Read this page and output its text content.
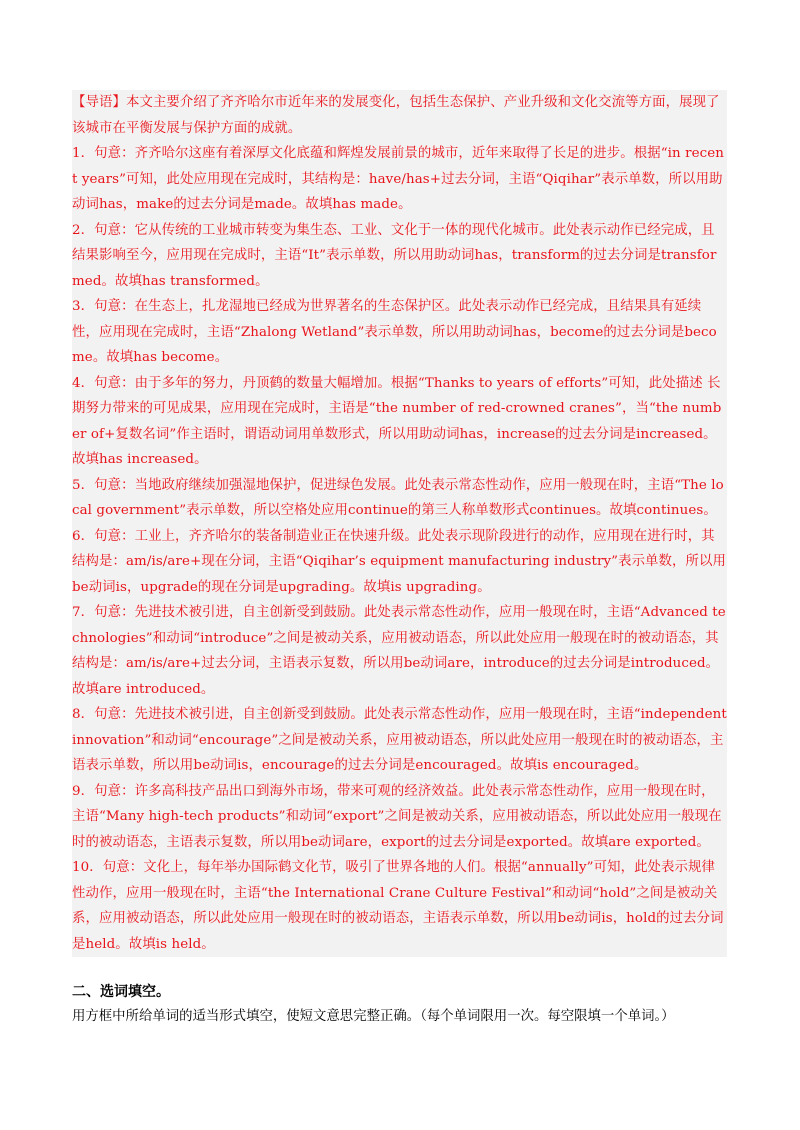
【导语】本文主要介绍了齐齐哈尔市近年来的发展变化，包括生态保护、产业升级和文化交流等方面，展现了该城市在平衡发展与保护方面的成就。

1．句意：齐齐哈尔这座有着深厚文化底蕴和辉煌发展前景的城市，近年来取得了长足的进步。根据“in recent years”可知，此处应用现在完成时，其结构是：have/has+过去分词，主语“Qiqihar”表示单数，所以用助动词has，make的过去分词是made。故填has made。

2．句意：它从传统的工业城市转变为集生态、工业、文化于一体的现代化城市。此处表示动作已经完成，且结果影响至今，应用现在完成时，主语“It”表示单数，所以用助动词has，transform的过去分词是transformed。故填has transformed。

3．句意：在生态上，扎龙湿地已经成为世界著名的生态保护区。此处表示动作已经完成，且结果具有延续性，应用现在完成时，主语“Zhalong Wetland”表示单数，所以用助动词has，become的过去分词是become。故填has become。

4．句意：由于多年的努力，丹顶鹤的数量大幅增加。根据“Thanks to years of efforts”可知，此处描述 长期努力带来的可见成果，应用现在完成时，主语是“the number of red-crowned cranes”，当“the number of+复数名词”作主语时，谓语动词用单数形式，所以用助动词has，increase的过去分词是increased。故填has increased。

5．句意：当地政府继续加强湿地保护，促进绿色发展。此处表示常态性动作，应用一般现在时，主语“The local government”表示单数，所以空格处应用continue的第三人称单数形式continues。故填continues。

6．句意：工业上，齐齐哈尔的装备制造业正在快速升级。此处表示现阶段进行的动作，应用现在进行时，其结构是：am/is/are+现在分词，主语“Qiqihar’s equipment manufacturing industry”表示单数，所以用be动词is，upgrade的现在分词是upgrading。故填is upgrading。

7．句意：先进技术被引进，自主创新受到鼓励。此处表示常态性动作，应用一般现在时，主语“Advanced technologies”和动词“introduce”之间是被动关系，应用被动语态，所以此处应用一般现在时的被动语态，其结构是：am/is/are+过去分词，主语表示复数，所以用be动词are，introduce的过去分词是introduced。故填are introduced。

8．句意：先进技术被引进，自主创新受到鼓励。此处表示常态性动作，应用一般现在时，主语“independent innovation”和动词“encourage”之间是被动关系，应用被动语态，所以此处应用一般现在时的被动语态，主语表示单数，所以用be动词is，encourage的过去分词是encouraged。故填is encouraged。

9．句意：许多高科技产品出口到海外市场，带来可观的经济效益。此处表示常态性动作，应用一般现在时，主语“Many high-tech products”和动词“export”之间是被动关系，应用被动语态，所以此处应用一般现在时的被动语态，主语表示复数，所以用be动词are，export的过去分词是exported。故填are exported。

10．句意：文化上，每年举办国际鹤文化节，吸引了世界各地的人们。根据“annually”可知，此处表示规律性动作，应用一般现在时，主语“the International Crane Culture Festival”和动词“hold”之间是被动关系，应用被动语态，所以此处应用一般现在时的被动语态，主语表示单数，所以用be动词is，hold的过去分词是held。故填is held。

二、选词填空。
用方框中所给单词的适当形式填空，使短文意思完整正确。（每个单词限用一次。每空限填一个单词。）
